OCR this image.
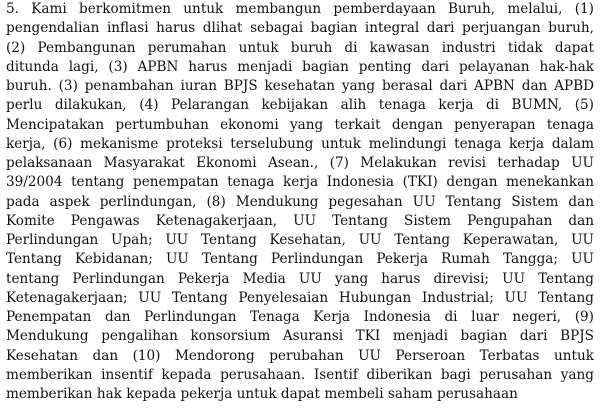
5. Kami berkomitmen untuk membangun pemberdayaan Buruh, melalui, (1)
pengendalian inflasi harus dlihat sebagai bagian integral dari perjuangan buruh,
(2) Pembangunan perumahan untuk buruh di kawasan industri tidak dapat
ditunda lagi, (3) APBN harus menjadi bagian penting dari pelayanan hak-hak
buruh. (3) penambahan iuran BPJS kesehatan yang berasal dari APBN dan APBD
perlu dilakukan, (4) Pelarangan kebijakan alih tenaga kerja di BUMN, (5)
Mencipatakan pertumbuhan ekonomi yang terkait dengan penyerapan tenaga
kerja, (6) mekanisme proteksi terselubung untuk melindungi tenaga kerja dalam
pelaksanaan Masyarakat Ekonomi Asean., (7) Melakukan revisi terhadap UU
39/2004 tentang penempatan tenaga kerja Indonesia (TKI) dengan menekankan
pada aspek perlindungan, (8) Mendukung pegesahan UU Tentang Sistem dan
Komite Pengawas Ketenagakerjaan, UU Tentang Sistem Pengupahan dan
Perlindungan Upah; UU Tentang Kesehatan, UU Tentang Keperawatan, UU
Tentang Kebidanan; UU Tentang Perlindungan Pekerja Rumah Tangga; UU
tentang Perlindungan Pekerja Media UU yang harus direvisi; UU Tentang
Ketenagakerjaan; UU Tentang Penyelesaian Hubungan Industrial; UU Tentang
Penempatan dan Perlindungan Tenaga Kerja Indonesia di luar negeri, (9)
Mendukung pengalihan konsorsium Asuransi TKI menjadi bagian dari BPJS
Kesehatan dan (10) Mendorong perubahan UU Perseroan Terbatas untuk
memberikan insentif kepada perusahaan. Isentif diberikan bagi perusahan yang
memberikan hak kepada pekerja untuk dapat membeli saham perusahaan
